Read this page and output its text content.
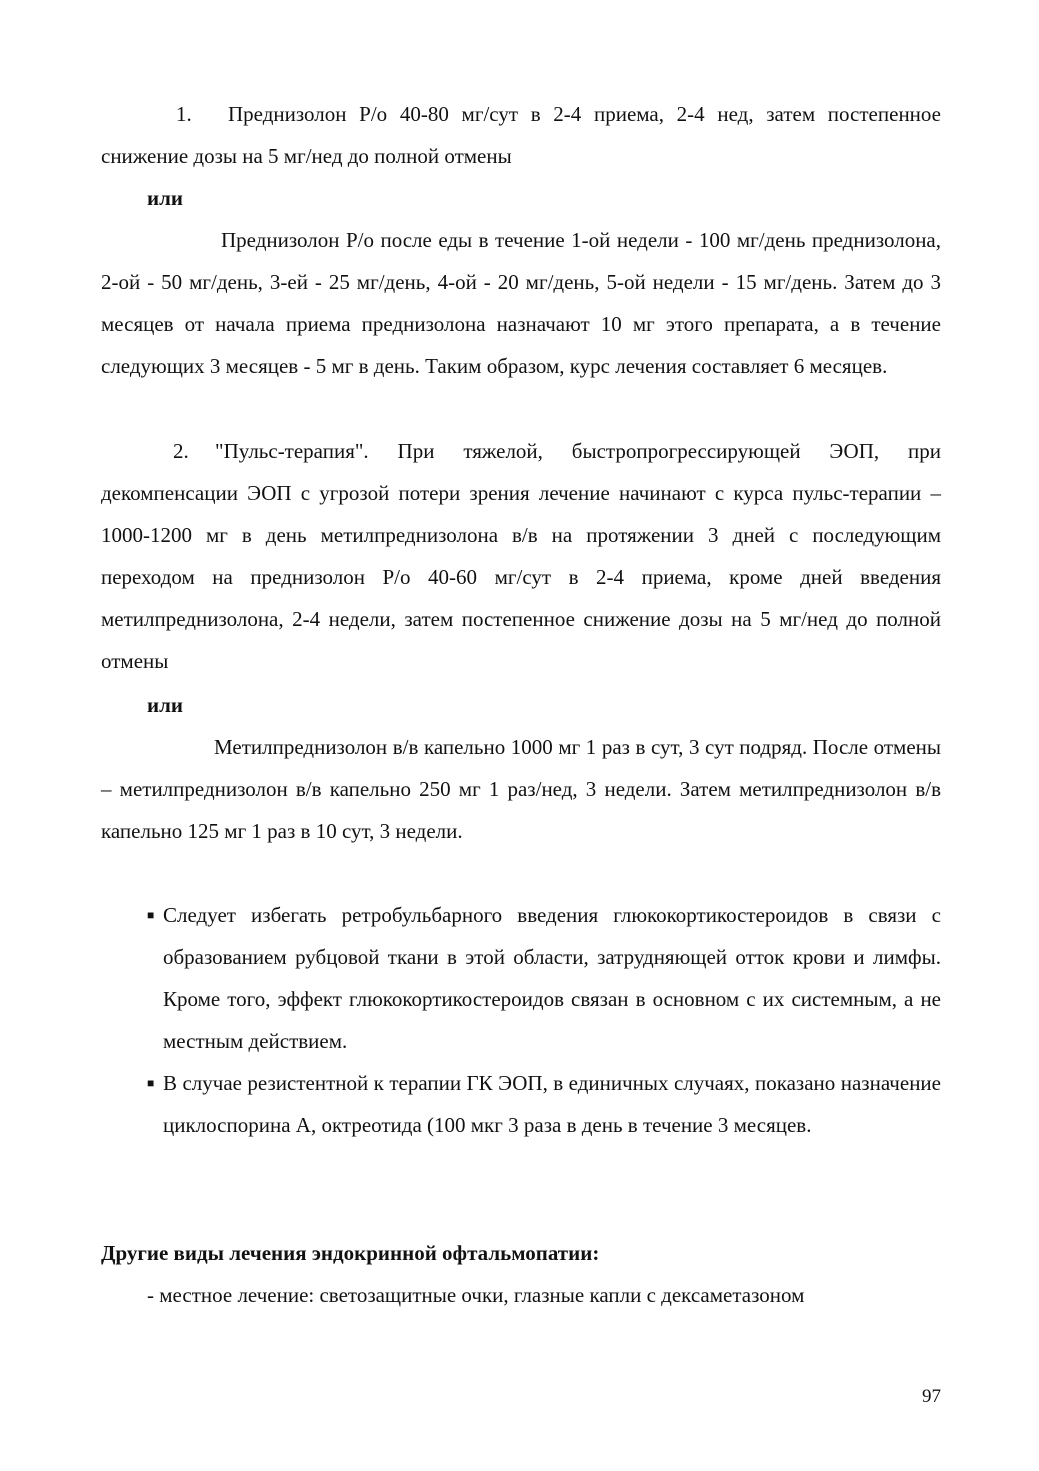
1. Преднизолон Р/о 40-80 мг/сут в 2-4 приема, 2-4 нед, затем постепенное снижение дозы на 5 мг/нед до полной отмены

или

Преднизолон Р/о после еды в течение 1-ой недели - 100 мг/день преднизолона, 2-ой - 50 мг/день, 3-ей - 25 мг/день, 4-ой - 20 мг/день, 5-ой недели - 15 мг/день. Затем до 3 месяцев от начала приема преднизолона назначают 10 мг этого препарата, а в течение следующих 3 месяцев - 5 мг в день. Таким образом, курс лечения составляет 6 месяцев.

2. "Пульс-терапия". При тяжелой, быстропрогрессирующей ЭОП, при декомпенсации ЭОП с угрозой потери зрения лечение начинают с курса пульс-терапии – 1000-1200 мг в день метилпреднизолона в/в на протяжении 3 дней с последующим переходом на преднизолон Р/о 40-60 мг/сут в 2-4 приема, кроме дней введения метилпреднизолона, 2-4 недели, затем постепенное снижение дозы на 5 мг/нед до полной отмены

или

Метилпреднизолон в/в капельно 1000 мг 1 раз в сут, 3 сут подряд. После отмены – метилпреднизолон в/в капельно 250 мг 1 раз/нед, 3 недели. Затем метилпреднизолон в/в капельно 125 мг 1 раз в 10 сут, 3 недели.

■ Следует избегать ретробульбарного введения глюкокортикостероидов в связи с образованием рубцовой ткани в этой области, затрудняющей отток крови и лимфы. Кроме того, эффект глюкокортикостероидов связан в основном с их системным, а не местным действием.

■ В случае резистентной к терапии ГК ЭОП, в единичных случаях, показано назначение циклоспорина А, октреотида (100 мкг 3 раза в день в течение 3 месяцев.

Другие виды лечения эндокринной офтальмопатии:

- местное лечение: светозащитные очки, глазные капли с дексаметазоном

97
